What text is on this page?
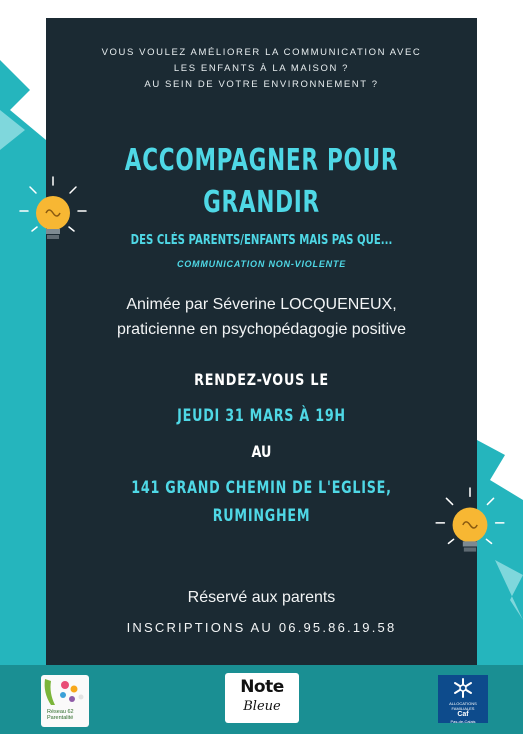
VOUS VOULEZ AMÉLIORER LA COMMUNICATION AVEC
LES ENFANTS À LA MAISON ?
AU SEIN DE VOTRE ENVIRONNEMENT ?
ACCOMPAGNER POUR
GRANDIR
DES CLÉS PARENTS/ENFANTS MAIS PAS QUE...
COMMUNICATION NON-VIOLENTE
Animée par Séverine LOCQUENEUX,
praticienne en psychopédagogie positive
RENDEZ-VOUS LE
JEUDI 31 MARS À 19H
AU
141 GRAND CHEMIN DE L'EGLISE,
RUMINGHEM
Réservé aux parents
INSCRIPTIONS AU 06.95.86.19.58
Réseau 62
Parentalité
Note
Bleue	ALLOCATIONS
FAMILIALES
Caf
Pas-de-Calais
